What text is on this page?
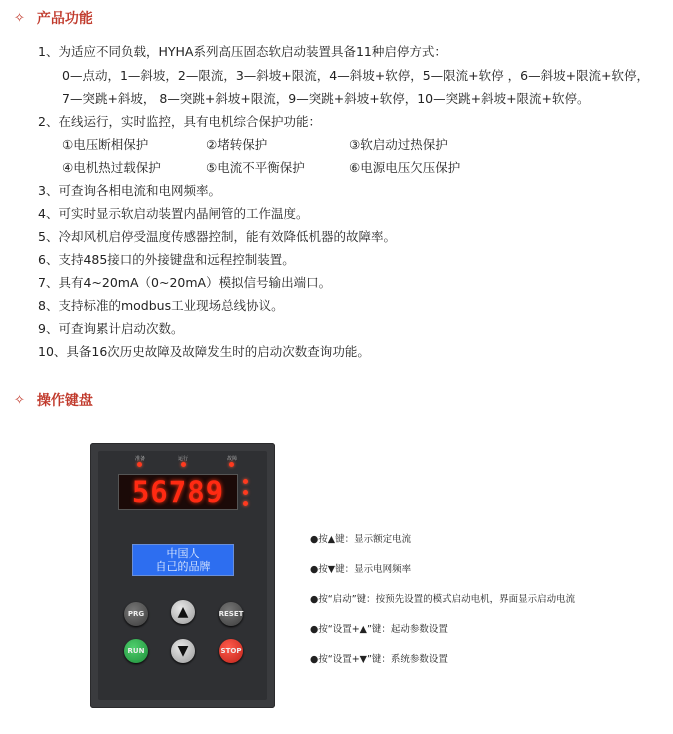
✧ 产品功能
1、为适应不同负载，HYHA系列高压固态软启动装置具备11种启停方式：
0—点动，1—斜坡，2—限流，3—斜坡+限流，4—斜坡+软停，5—限流+软停 ，6—斜坡+限流+软停，
7—突跳+斜坡， 8—突跳+斜坡+限流，9—突跳+斜坡+软停，10—突跳+斜坡+限流+软停。
2、在线运行，实时监控，具有电机综合保护功能：
①电压断相保护	②堵转保护	③软启动过热保护
④电机热过载保护	⑤电流不平衡保护	⑥电源电压欠压保护
3、可查询各相电流和电网频率。
4、可实时显示软启动装置内晶闸管的工作温度。
5、冷却风机启停受温度传感器控制，能有效降低机器的故障率。
6、支持485接口的外接键盘和远程控制装置。
7、具有4~20mA（0~20mA）模拟信号输出端口。
8、支持标准的modbus工业现场总线协议。
9、可查询累计启动次数。
10、具备16次历史故障及故障发生时的启动次数查询功能。
✧ 操作键盘
准备	运行	故障
56789
中国人
自己的品牌
PRG	▲	RESET
RUN	▼	STOP
●按▲键：显示额定电流
●按▼键：显示电网频率
●按“启动”键：按预先设置的模式启动电机，界面显示启动电流
●按“设置+▲”键：起动参数设置
●按“设置+▼”键：系统参数设置
